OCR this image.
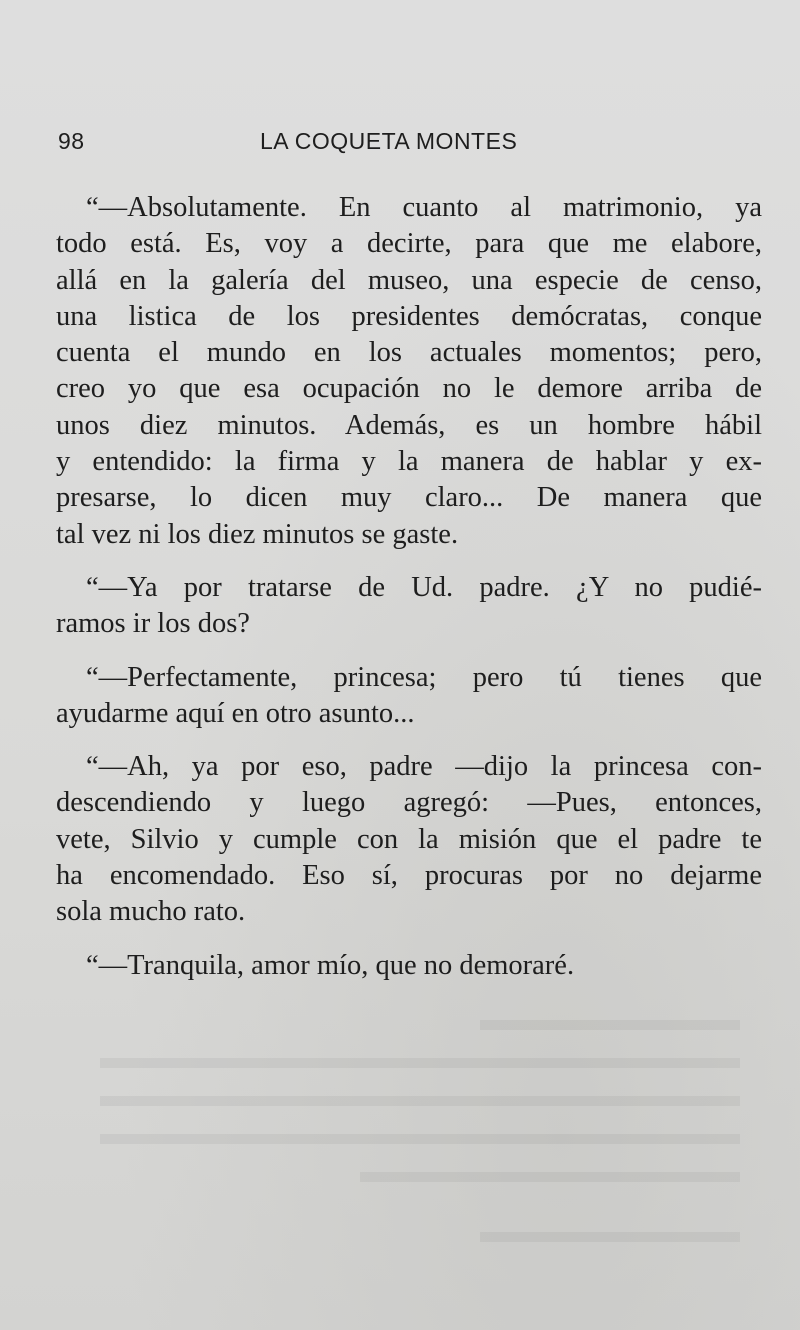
98	LA COQUETA MONTES

“—Absolutamente. En cuanto al matrimonio, ya
todo está. Es, voy a decirte, para que me elabore,
allá en la galería del museo, una especie de censo,
una listica de los presidentes demócratas, conque
cuenta el mundo en los actuales momentos; pero,
creo yo que esa ocupación no le demore arriba de
unos diez minutos. Además, es un hombre hábil
y entendido: la firma y la manera de hablar y ex-
presarse, lo dicen muy claro... De manera que
tal vez ni los diez minutos se gaste.

“—Ya por tratarse de Ud. padre. ¿Y no pudié-
ramos ir los dos?

“—Perfectamente, princesa; pero tú tienes que
ayudarme aquí en otro asunto...

“—Ah, ya por eso, padre —dijo la princesa con-
descendiendo y luego agregó: —Pues, entonces,
vete, Silvio y cumple con la misión que el padre te
ha encomendado. Eso sí, procuras por no dejarme
sola mucho rato.

“—Tranquila, amor mío, que no demoraré.
